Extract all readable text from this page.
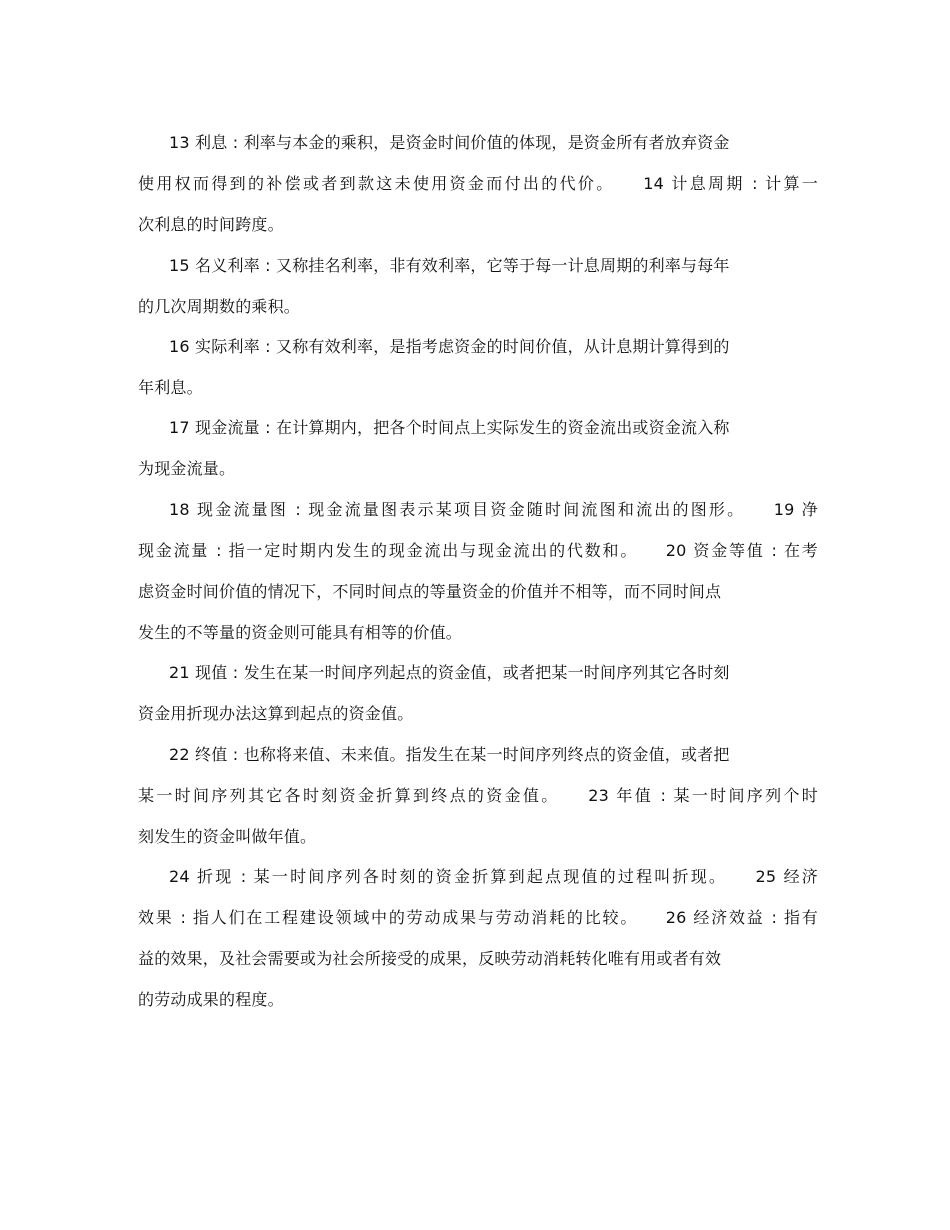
13 利息 : 利率与本金的乘积，是资金时间价值的体现，是资金所有者放弃资金
使用权而得到的补偿或者到款这未使用资金而付出的代价。　　14 计息周期 : 计算一
次利息的时间跨度。
15 名义利率 : 又称挂名利率，非有效利率，它等于每一计息周期的利率与每年
的几次周期数的乘积。
16 实际利率 : 又称有效利率，是指考虑资金的时间价值，从计息期计算得到的
年利息。
17 现金流量 : 在计算期内，把各个时间点上实际发生的资金流出或资金流入称
为现金流量。
18 现金流量图 : 现金流量图表示某项目资金随时间流图和流出的图形。　　19 净
现金流量 : 指一定时期内发生的现金流出与现金流出的代数和。　　20 资金等值 : 在考
虑资金时间价值的情况下，不同时间点的等量资金的价值并不相等，而不同时间点
发生的不等量的资金则可能具有相等的价值。
21 现值 : 发生在某一时间序列起点的资金值，或者把某一时间序列其它各时刻
资金用折现办法这算到起点的资金值。
22 终值 : 也称将来值、未来值。指发生在某一时间序列终点的资金值，或者把
某一时间序列其它各时刻资金折算到终点的资金值。　　23 年值 : 某一时间序列个时
刻发生的资金叫做年值。
24 折现 : 某一时间序列各时刻的资金折算到起点现值的过程叫折现。　　25 经济
效果 : 指人们在工程建设领域中的劳动成果与劳动消耗的比较。　　26 经济效益 : 指有
益的效果，及社会需要或为社会所接受的成果，反映劳动消耗转化唯有用或者有效
的劳动成果的程度。
